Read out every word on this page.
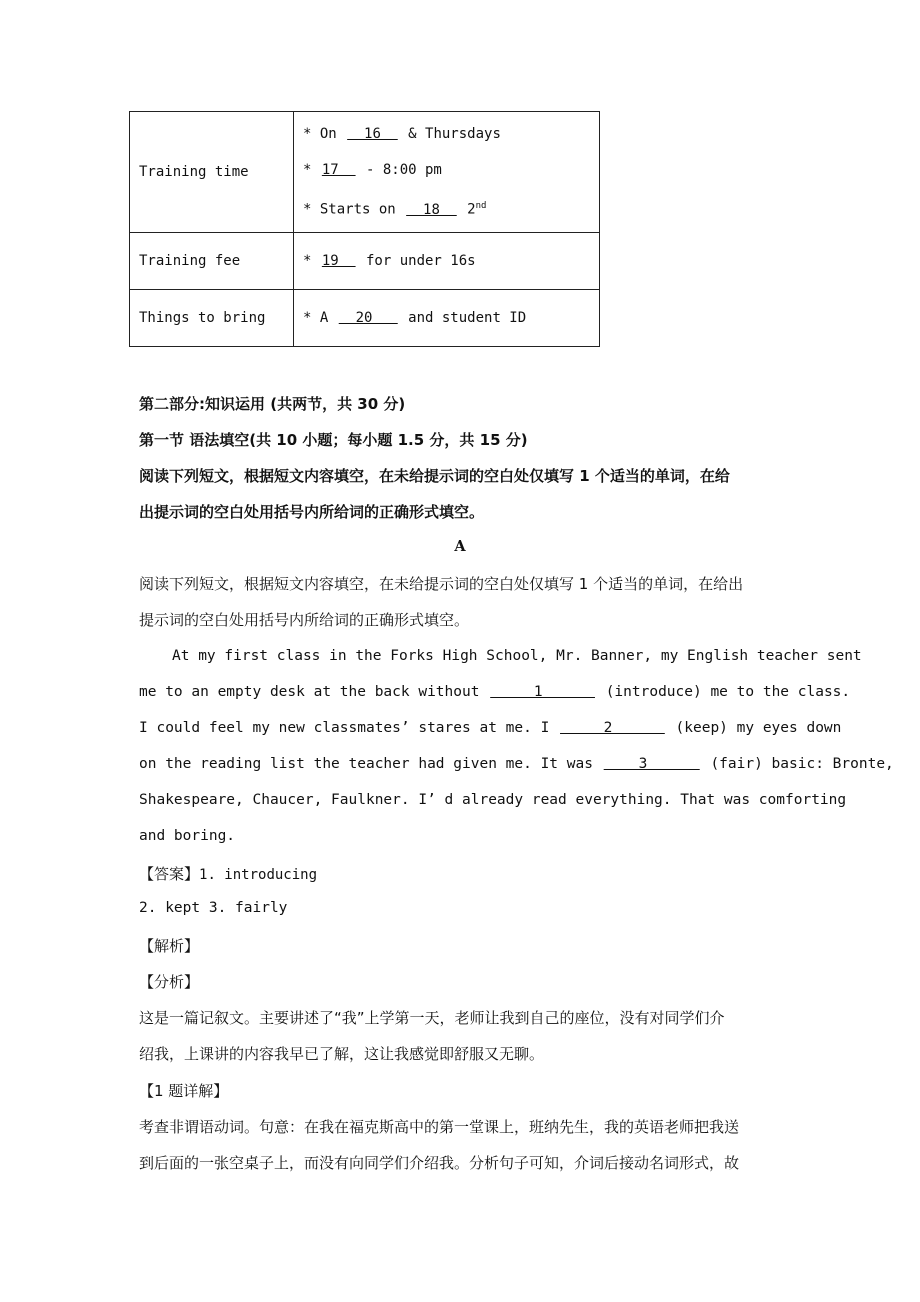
Training time	* On   16   & Thursdays
* 17   - 8:00 pm
* Starts on   18   2nd

Training fee	* 19   for under 16s

Things to bring	* A   20    and student ID
第二部分:知识运用 (共两节，共 30 分)
第一节 语法填空(共 10 小题；每小题 1.5 分，共 15 分)
阅读下列短文，根据短文内容填空，在未给提示词的空白处仅填写 1 个适当的单词，在给
出提示词的空白处用括号内所给词的正确形式填空。
A
阅读下列短文，根据短文内容填空，在未给提示词的空白处仅填写 1 个适当的单词，在给出
提示词的空白处用括号内所给词的正确形式填空。
At my first class in the Forks High School, Mr. Banner, my English teacher sent
me to an empty desk at the back without      1       (introduce) me to the class.
I could feel my new classmates’ stares at me. I      2       (keep) my eyes down
on the reading list the teacher had given me. It was     3       (fair) basic: Bronte,
Shakespeare, Chaucer, Faulkner. I’ d already read everything. That was comforting
and boring.
【答案】1. introducing
2. kept 3. fairly
【解析】
【分析】
这是一篇记叙文。主要讲述了“我”上学第一天，老师让我到自己的座位，没有对同学们介
绍我，上课讲的内容我早已了解，这让我感觉即舒服又无聊。
【1 题详解】
考查非谓语动词。句意：在我在福克斯高中的第一堂课上，班纳先生，我的英语老师把我送
到后面的一张空桌子上，而没有向同学们介绍我。分析句子可知，介词后接动名词形式，故
